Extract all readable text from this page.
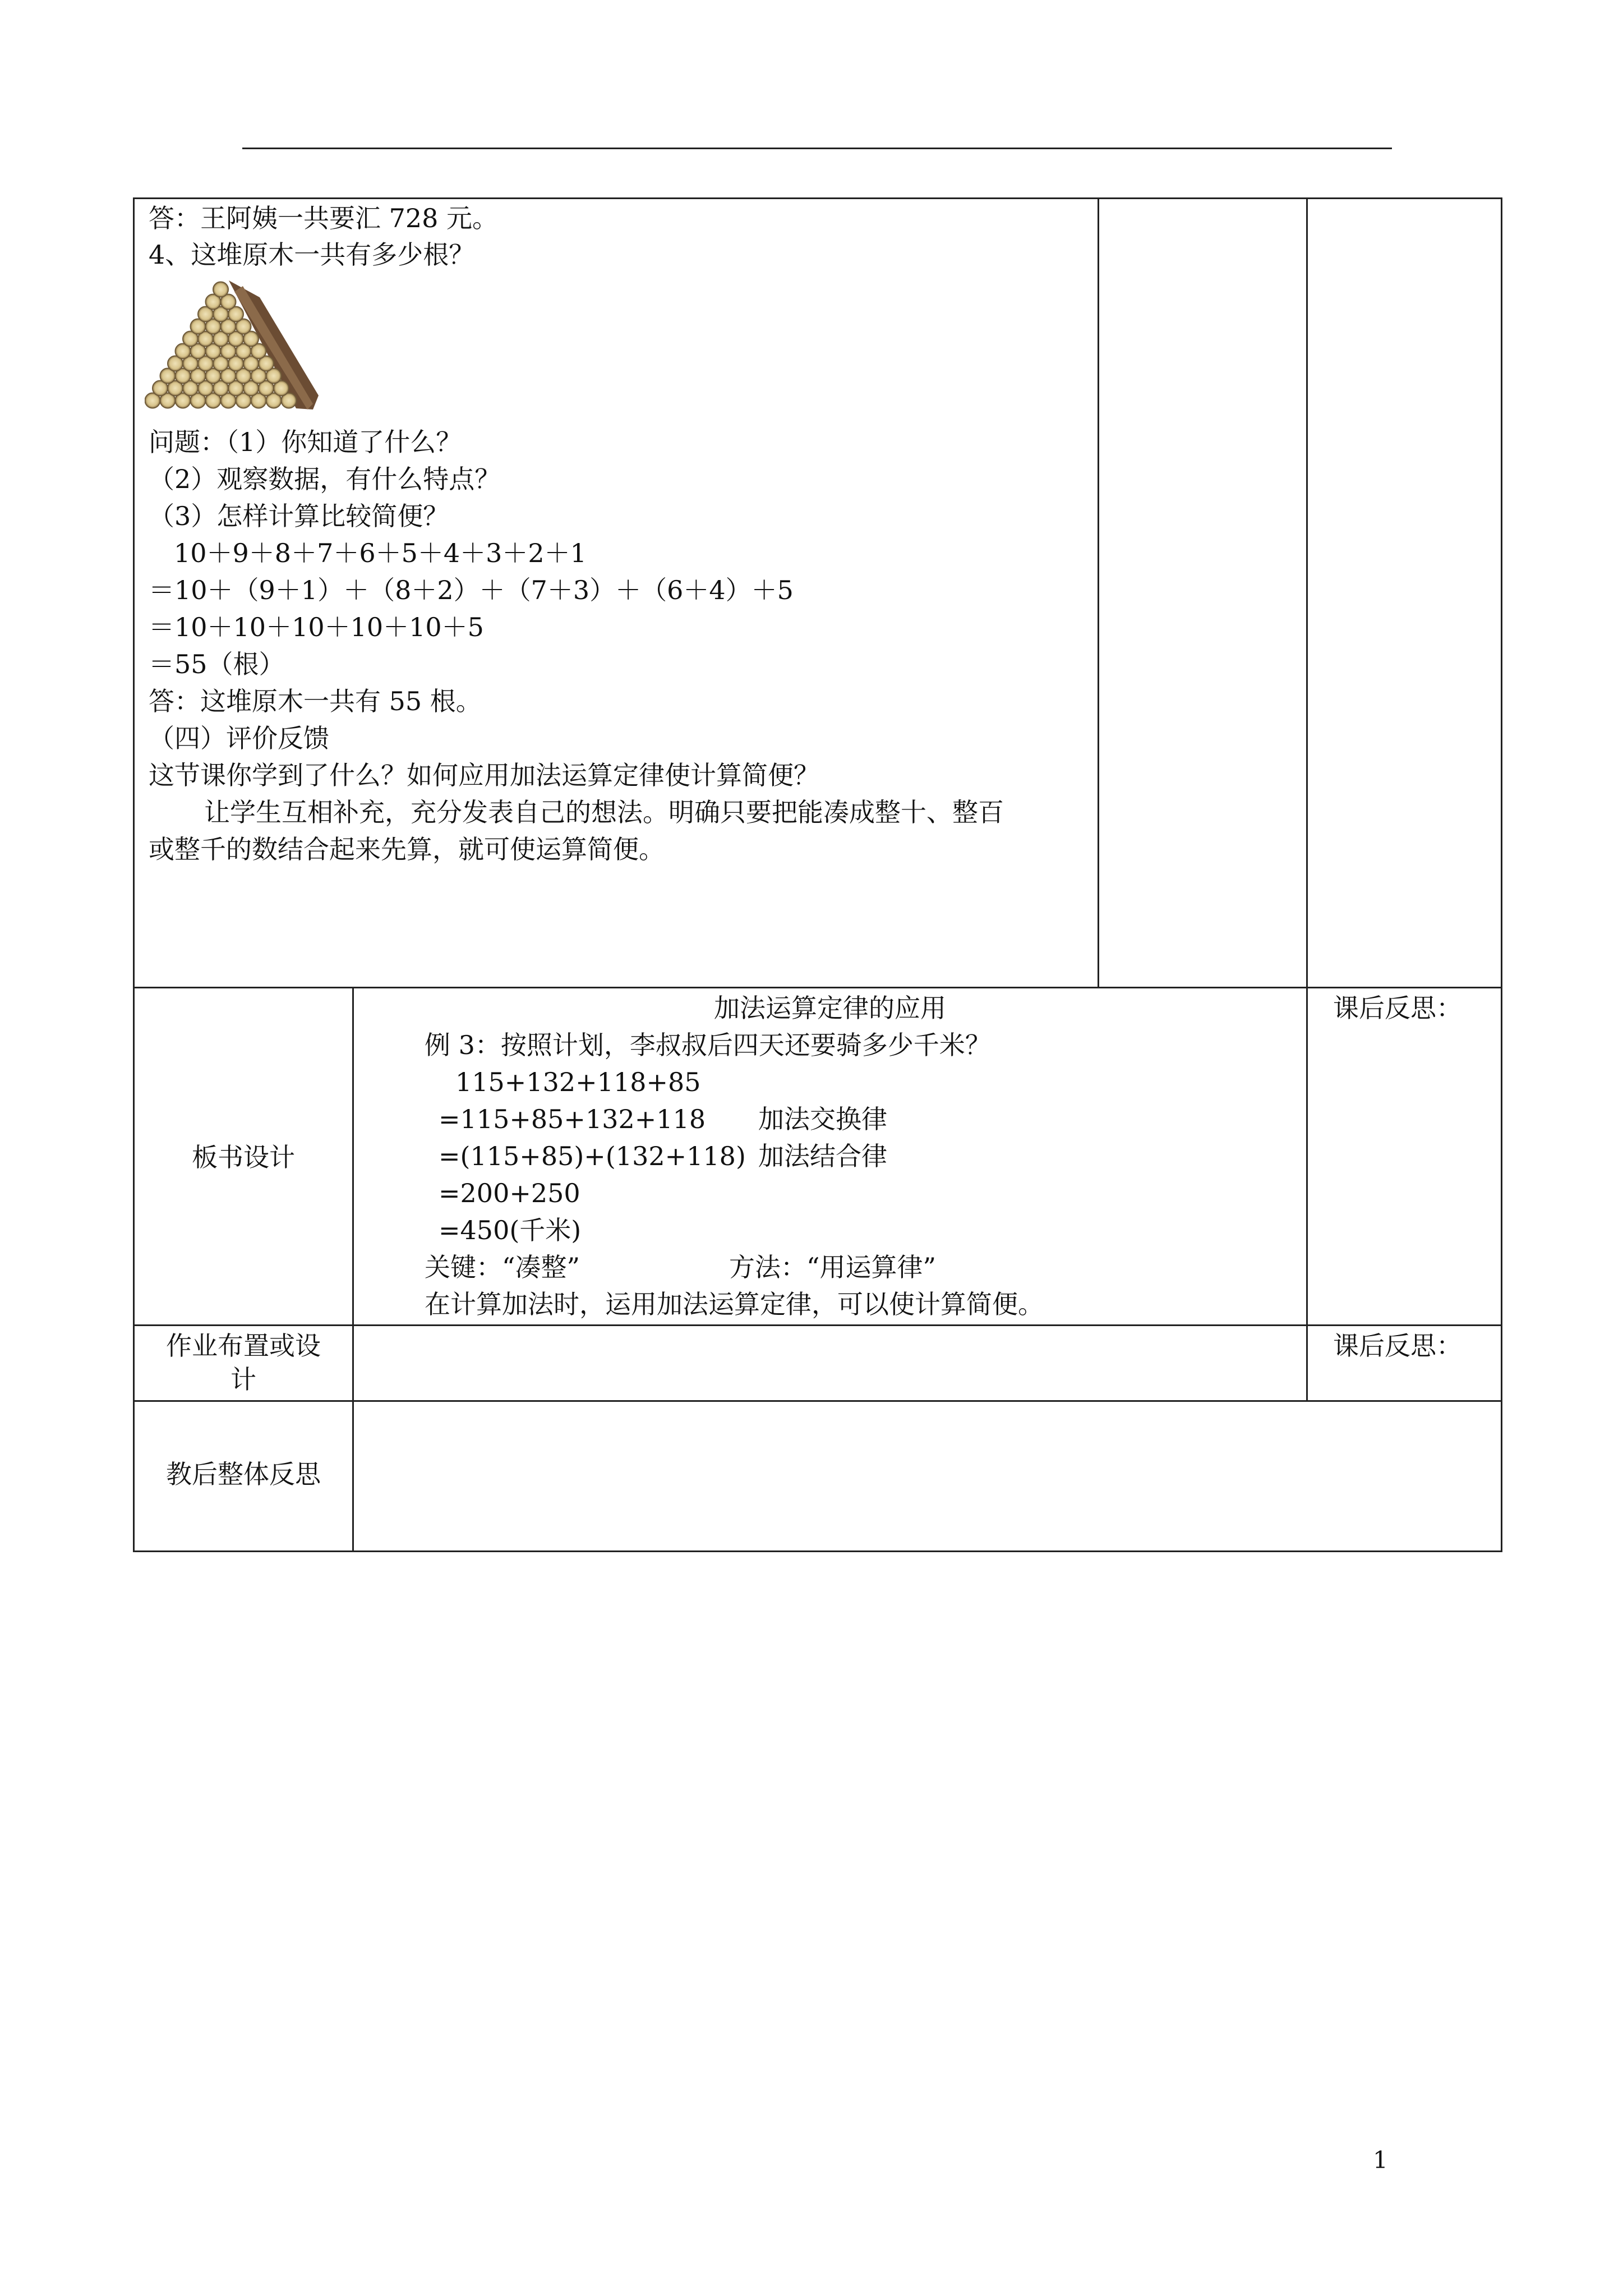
答：王阿姨一共要汇 728 元。
4、这堆原木一共有多少根？
问题：（1）你知道了什么？
（2）观察数据，有什么特点？
（3）怎样计算比较简便？
10＋9＋8＋7＋6＋5＋4＋3＋2＋1
＝10＋（9＋1）＋（8＋2）＋（7＋3）＋（6＋4）＋5
＝10＋10＋10＋10＋10＋5
＝55（根）
答：这堆原木一共有 55 根。
（四）评价反馈
这节课你学到了什么？如何应用加法运算定律使计算简便？
让学生互相补充，充分发表自己的想法。明确只要把能凑成整十、整百
或整千的数结合起来先算，就可使运算简便。
板书设计
加法运算定律的应用
例 3：按照计划，李叔叔后四天还要骑多少千米？
115+132+118+85
=115+85+132+118 加法交换律
=(115+85)+(132+118) 加法结合律
=200+250
=450(千米)
关键：“凑整”	方法：“用运算律”
在计算加法时，运用加法运算定律，可以使计算简便。
课后反思：
作业布置或设
计
课后反思：
教后整体反思
1
